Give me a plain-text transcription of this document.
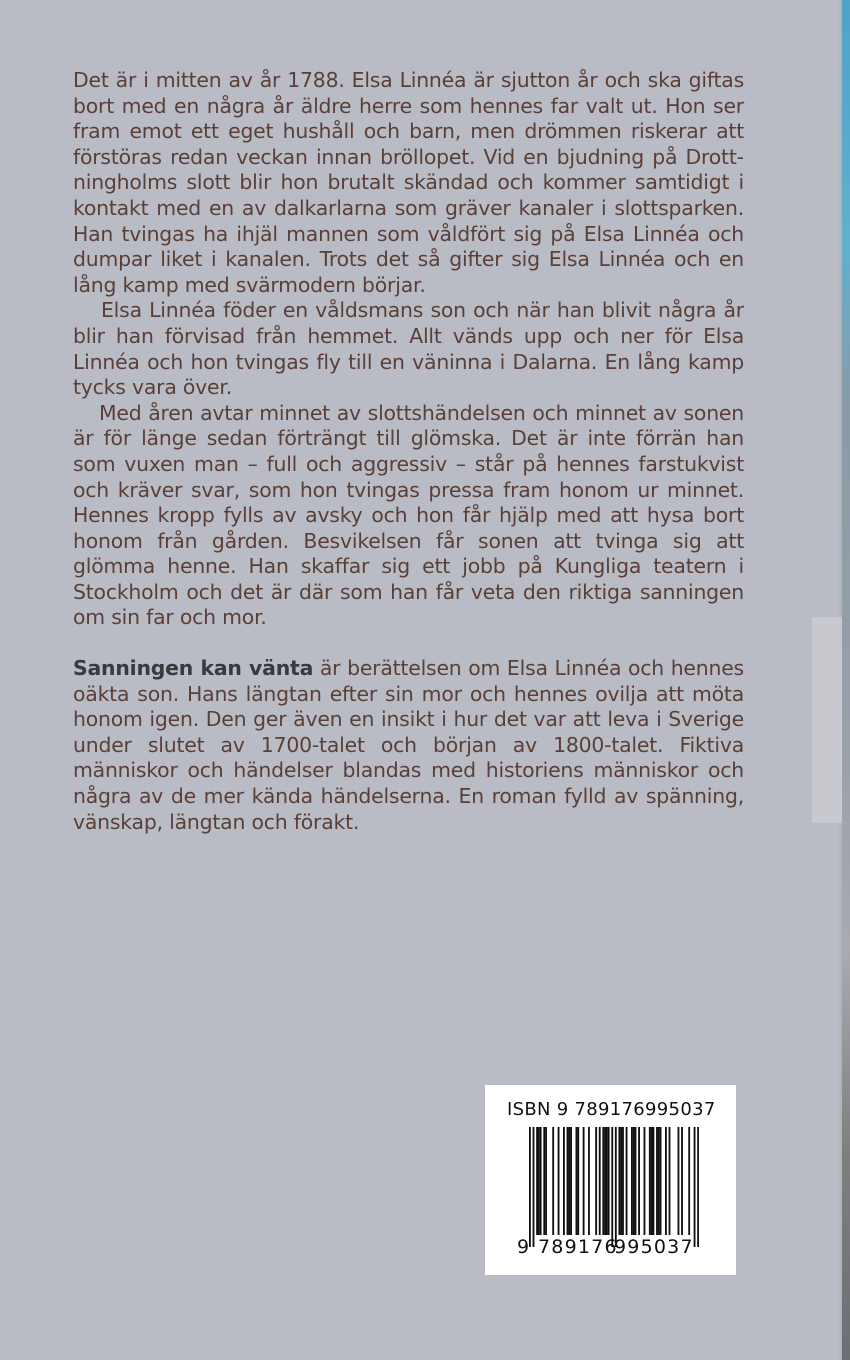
Det är i mitten av år 1788. Elsa Linnéa är sjutton år och ska giftas bort med en några år äldre herre som hennes far valt ut. Hon ser fram emot ett eget hushåll och barn, men drömmen riskerar att förstöras redan veckan innan bröllopet. Vid en bjudning på Drottningholms slott blir hon brutalt skändad och kommer samtidigt i kontakt med en av dalkarlarna som gräver kanaler i slottsparken. Han tvingas ha ihjäl mannen som våldfört sig på Elsa Linnéa och dumpar liket i kanalen. Trots det så gifter sig Elsa Linnéa och en lång kamp med svärmodern börjar.

Elsa Linnéa föder en våldsmans son och när han blivit några år blir han förvisad från hemmet. Allt vänds upp och ner för Elsa Linnéa och hon tvingas fly till en väninna i Dalarna. En lång kamp tycks vara över.

Med åren avtar minnet av slottshändelsen och minnet av sonen är för länge sedan förträngt till glömska. Det är inte förrän han som vuxen man – full och aggressiv – står på hennes farstukvist och kräver svar, som hon tvingas pressa fram honom ur minnet. Hennes kropp fylls av avsky och hon får hjälp med att hysa bort honom från gården. Besvikelsen får sonen att tvinga sig att glömma henne. Han skaffar sig ett jobb på Kungliga teatern i Stockholm och det är där som han får veta den riktiga sanningen om sin far och mor.

Sanningen kan vänta är berättelsen om Elsa Linnéa och hennes oäkta son. Hans längtan efter sin mor och hennes ovilja att möta honom igen. Den ger även en insikt i hur det var att leva i Sverige under slutet av 1700-talet och början av 1800-talet. Fiktiva människor och händelser blandas med historiens människor och några av de mer kända händelserna. En roman fylld av spänning, vänskap, längtan och förakt.

ISBN 9 789176995037
9 789176
995037
